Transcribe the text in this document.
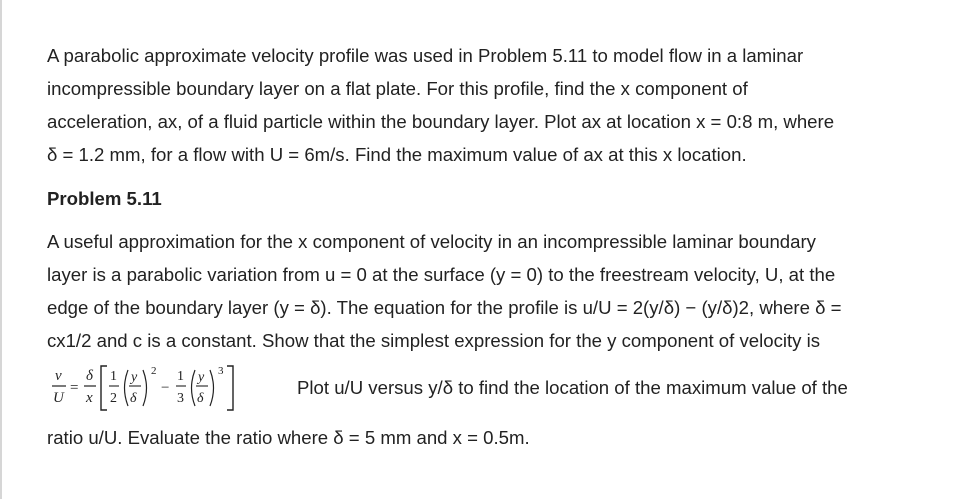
A parabolic approximate velocity profile was used in Problem 5.11 to model flow in a laminar
incompressible boundary layer on a flat plate. For this profile, find the x component of
acceleration, ax, of a fluid particle within the boundary layer. Plot ax at location x = 0:8 m, where
δ = 1.2 mm, for a flow with U = 6m/s. Find the maximum value of ax at this x location.

Problem 5.11

A useful approximation for the x component of velocity in an incompressible laminar boundary
layer is a parabolic variation from u = 0 at the surface (y = 0) to the freestream velocity, U, at the
edge of the boundary layer (y = δ). The equation for the profile is u/U = 2(y/δ) − (y/δ)2, where δ =
cx1/2 and c is a constant. Show that the simplest expression for the y component of velocity is

v
U
=
δ
x
1
2
y
δ
2
−
1
3
y
δ
3
Plot u/U versus y/δ to find the location of the maximum value of the

ratio u/U. Evaluate the ratio where δ = 5 mm and x = 0.5m.
